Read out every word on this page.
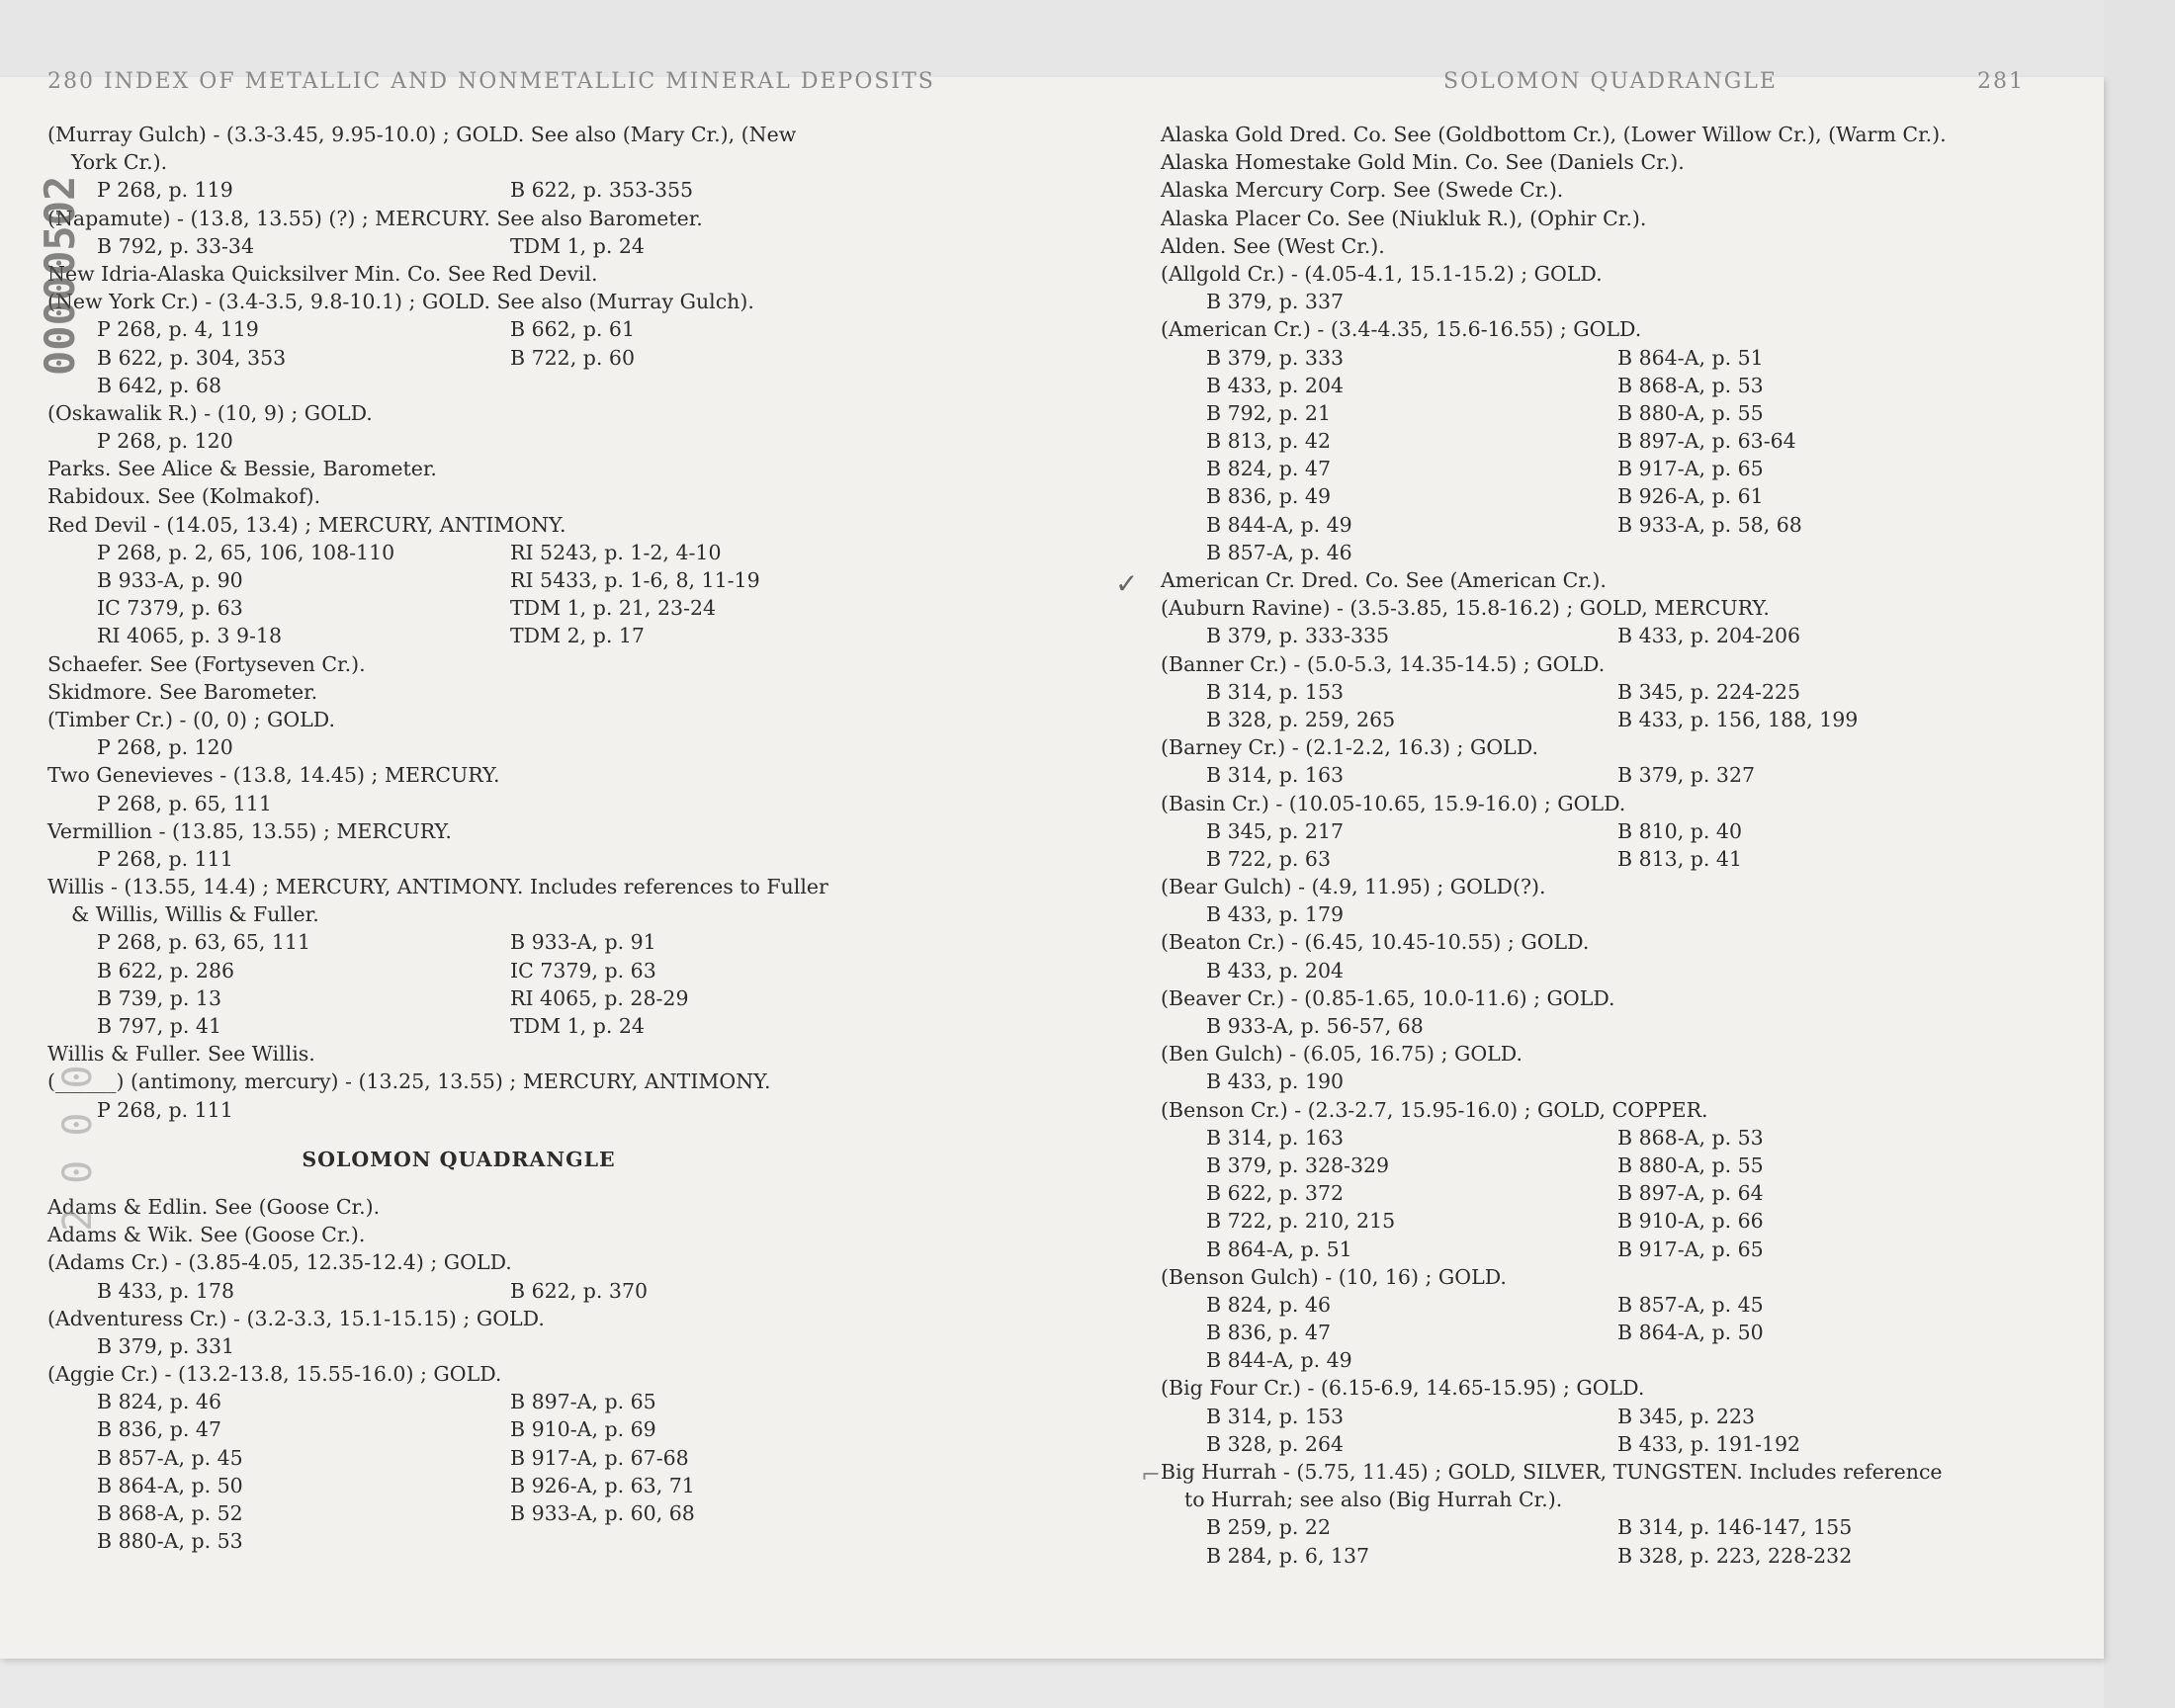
280 INDEX OF METALLIC AND NONMETALLIC MINERAL DEPOSITS	SOLOMON QUADRANGLE	281
(Murray Gulch) - (3.3-3.45, 9.95-10.0) ; GOLD. See also (Mary Cr.), (New
York Cr.).
P 268, p. 119	B 622, p. 353-355
(Napamute) - (13.8, 13.55) (?) ; MERCURY. See also Barometer.
B 792, p. 33-34	TDM 1, p. 24
New Idria-Alaska Quicksilver Min. Co. See Red Devil.
(New York Cr.) - (3.4-3.5, 9.8-10.1) ; GOLD. See also (Murray Gulch).
P 268, p. 4, 119	B 662, p. 61
B 622, p. 304, 353	B 722, p. 60
B 642, p. 68
(Oskawalik R.) - (10, 9) ; GOLD.
P 268, p. 120
Parks. See Alice & Bessie, Barometer.
Rabidoux. See (Kolmakof).
Red Devil - (14.05, 13.4) ; MERCURY, ANTIMONY.
P 268, p. 2, 65, 106, 108-110	RI 5243, p. 1-2, 4-10
B 933-A, p. 90	RI 5433, p. 1-6, 8, 11-19
IC 7379, p. 63	TDM 1, p. 21, 23-24
RI 4065, p. 3 9-18	TDM 2, p. 17
Schaefer. See (Fortyseven Cr.).
Skidmore. See Barometer.
(Timber Cr.) - (0, 0) ; GOLD.
P 268, p. 120
Two Genevieves - (13.8, 14.45) ; MERCURY.
P 268, p. 65, 111
Vermillion - (13.85, 13.55) ; MERCURY.
P 268, p. 111
Willis - (13.55, 14.4) ; MERCURY, ANTIMONY. Includes references to Fuller
& Willis, Willis & Fuller.
P 268, p. 63, 65, 111	B 933-A, p. 91
B 622, p. 286	IC 7379, p. 63
B 739, p. 13	RI 4065, p. 28-29
B 797, p. 41	TDM 1, p. 24
Willis & Fuller. See Willis.
(______) (antimony, mercury) - (13.25, 13.55) ; MERCURY, ANTIMONY.
P 268, p. 111
SOLOMON QUADRANGLE
Adams & Edlin. See (Goose Cr.).
Adams & Wik. See (Goose Cr.).
(Adams Cr.) - (3.85-4.05, 12.35-12.4) ; GOLD.
B 433, p. 178	B 622, p. 370
(Adventuress Cr.) - (3.2-3.3, 15.1-15.15) ; GOLD.
B 379, p. 331
(Aggie Cr.) - (13.2-13.8, 15.55-16.0) ; GOLD.
B 824, p. 46	B 897-A, p. 65
B 836, p. 47	B 910-A, p. 69
B 857-A, p. 45	B 917-A, p. 67-68
B 864-A, p. 50	B 926-A, p. 63, 71
B 868-A, p. 52	B 933-A, p. 60, 68
B 880-A, p. 53
Alaska Gold Dred. Co. See (Goldbottom Cr.), (Lower Willow Cr.), (Warm Cr.).
Alaska Homestake Gold Min. Co. See (Daniels Cr.).
Alaska Mercury Corp. See (Swede Cr.).
Alaska Placer Co. See (Niukluk R.), (Ophir Cr.).
Alden. See (West Cr.).
(Allgold Cr.) - (4.05-4.1, 15.1-15.2) ; GOLD.
B 379, p. 337
(American Cr.) - (3.4-4.35, 15.6-16.55) ; GOLD.
B 379, p. 333	B 864-A, p. 51
B 433, p. 204	B 868-A, p. 53
B 792, p. 21	B 880-A, p. 55
B 813, p. 42	B 897-A, p. 63-64
B 824, p. 47	B 917-A, p. 65
B 836, p. 49	B 926-A, p. 61
B 844-A, p. 49	B 933-A, p. 58, 68
B 857-A, p. 46
American Cr. Dred. Co. See (American Cr.).
(Auburn Ravine) - (3.5-3.85, 15.8-16.2) ; GOLD, MERCURY.
B 379, p. 333-335	B 433, p. 204-206
(Banner Cr.) - (5.0-5.3, 14.35-14.5) ; GOLD.
B 314, p. 153	B 345, p. 224-225
B 328, p. 259, 265	B 433, p. 156, 188, 199
(Barney Cr.) - (2.1-2.2, 16.3) ; GOLD.
B 314, p. 163	B 379, p. 327
(Basin Cr.) - (10.05-10.65, 15.9-16.0) ; GOLD.
B 345, p. 217	B 810, p. 40
B 722, p. 63	B 813, p. 41
(Bear Gulch) - (4.9, 11.95) ; GOLD(?).
B 433, p. 179
(Beaton Cr.) - (6.45, 10.45-10.55) ; GOLD.
B 433, p. 204
(Beaver Cr.) - (0.85-1.65, 10.0-11.6) ; GOLD.
B 933-A, p. 56-57, 68
(Ben Gulch) - (6.05, 16.75) ; GOLD.
B 433, p. 190
(Benson Cr.) - (2.3-2.7, 15.95-16.0) ; GOLD, COPPER.
B 314, p. 163	B 868-A, p. 53
B 379, p. 328-329	B 880-A, p. 55
B 622, p. 372	B 897-A, p. 64
B 722, p. 210, 215	B 910-A, p. 66
B 864-A, p. 51	B 917-A, p. 65
(Benson Gulch) - (10, 16) ; GOLD.
B 824, p. 46	B 857-A, p. 45
B 836, p. 47	B 864-A, p. 50
B 844-A, p. 49
(Big Four Cr.) - (6.15-6.9, 14.65-15.95) ; GOLD.
B 314, p. 153	B 345, p. 223
B 328, p. 264	B 433, p. 191-192
Big Hurrah - (5.75, 11.45) ; GOLD, SILVER, TUNGSTEN. Includes reference
to Hurrah; see also (Big Hurrah Cr.).
B 259, p. 22	B 314, p. 146-147, 155
B 284, p. 6, 137	B 328, p. 223, 228-232
00000502
2 0 0 0
✓
⌐
